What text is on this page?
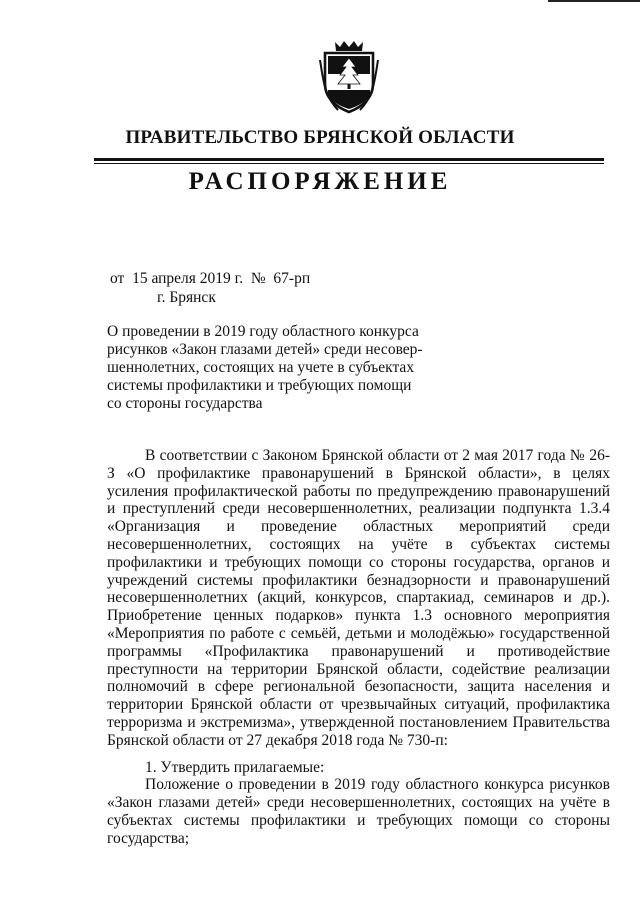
ПРАВИТЕЛЬСТВО БРЯНСКОЙ ОБЛАСТИ
РАСПОРЯЖЕНИЕ
от  15 апреля 2019 г.  №  67-рп
г. Брянск
О проведении в 2019 году областного конкурса
рисунков «Закон глазами детей» среди несовер-
шеннолетних, состоящих на учете в субъектах
системы профилактики и требующих помощи
со стороны государства

В соответствии с Законом Брянской области от 2 мая 2017 года № 26-З «О профилактике правонарушений в Брянской области», в целях усиления профилактической работы по предупреждению правонарушений и преступлений среди несовершеннолетних, реализации подпункта 1.3.4 «Организация и проведение областных мероприятий среди несовершеннолетних, состоящих на учёте в субъектах системы профилактики и требующих помощи со стороны государства, органов и учреждений системы профилактики безнадзорности и правонарушений несовершеннолетних (акций, конкурсов, спартакиад, семинаров и др.). Приобретение ценных подарков» пункта 1.3 основного мероприятия «Мероприятия по работе с семьёй, детьми и молодёжью» государственной программы «Профилактика правонарушений и противодействие преступности на территории Брянской области, содействие реализации полномочий в сфере региональной безопасности, защита населения и территории Брянской области от чрезвычайных ситуаций, профилактика терроризма и экстремизма», утвержденной постановлением Правительства Брянской области от 27 декабря 2018 года № 730-п:

1. Утвердить прилагаемые:

Положение о проведении в 2019 году областного конкурса рисунков «Закон глазами детей» среди несовершеннолетних, состоящих на учёте в субъектах системы профилактики и требующих помощи со стороны государства;
